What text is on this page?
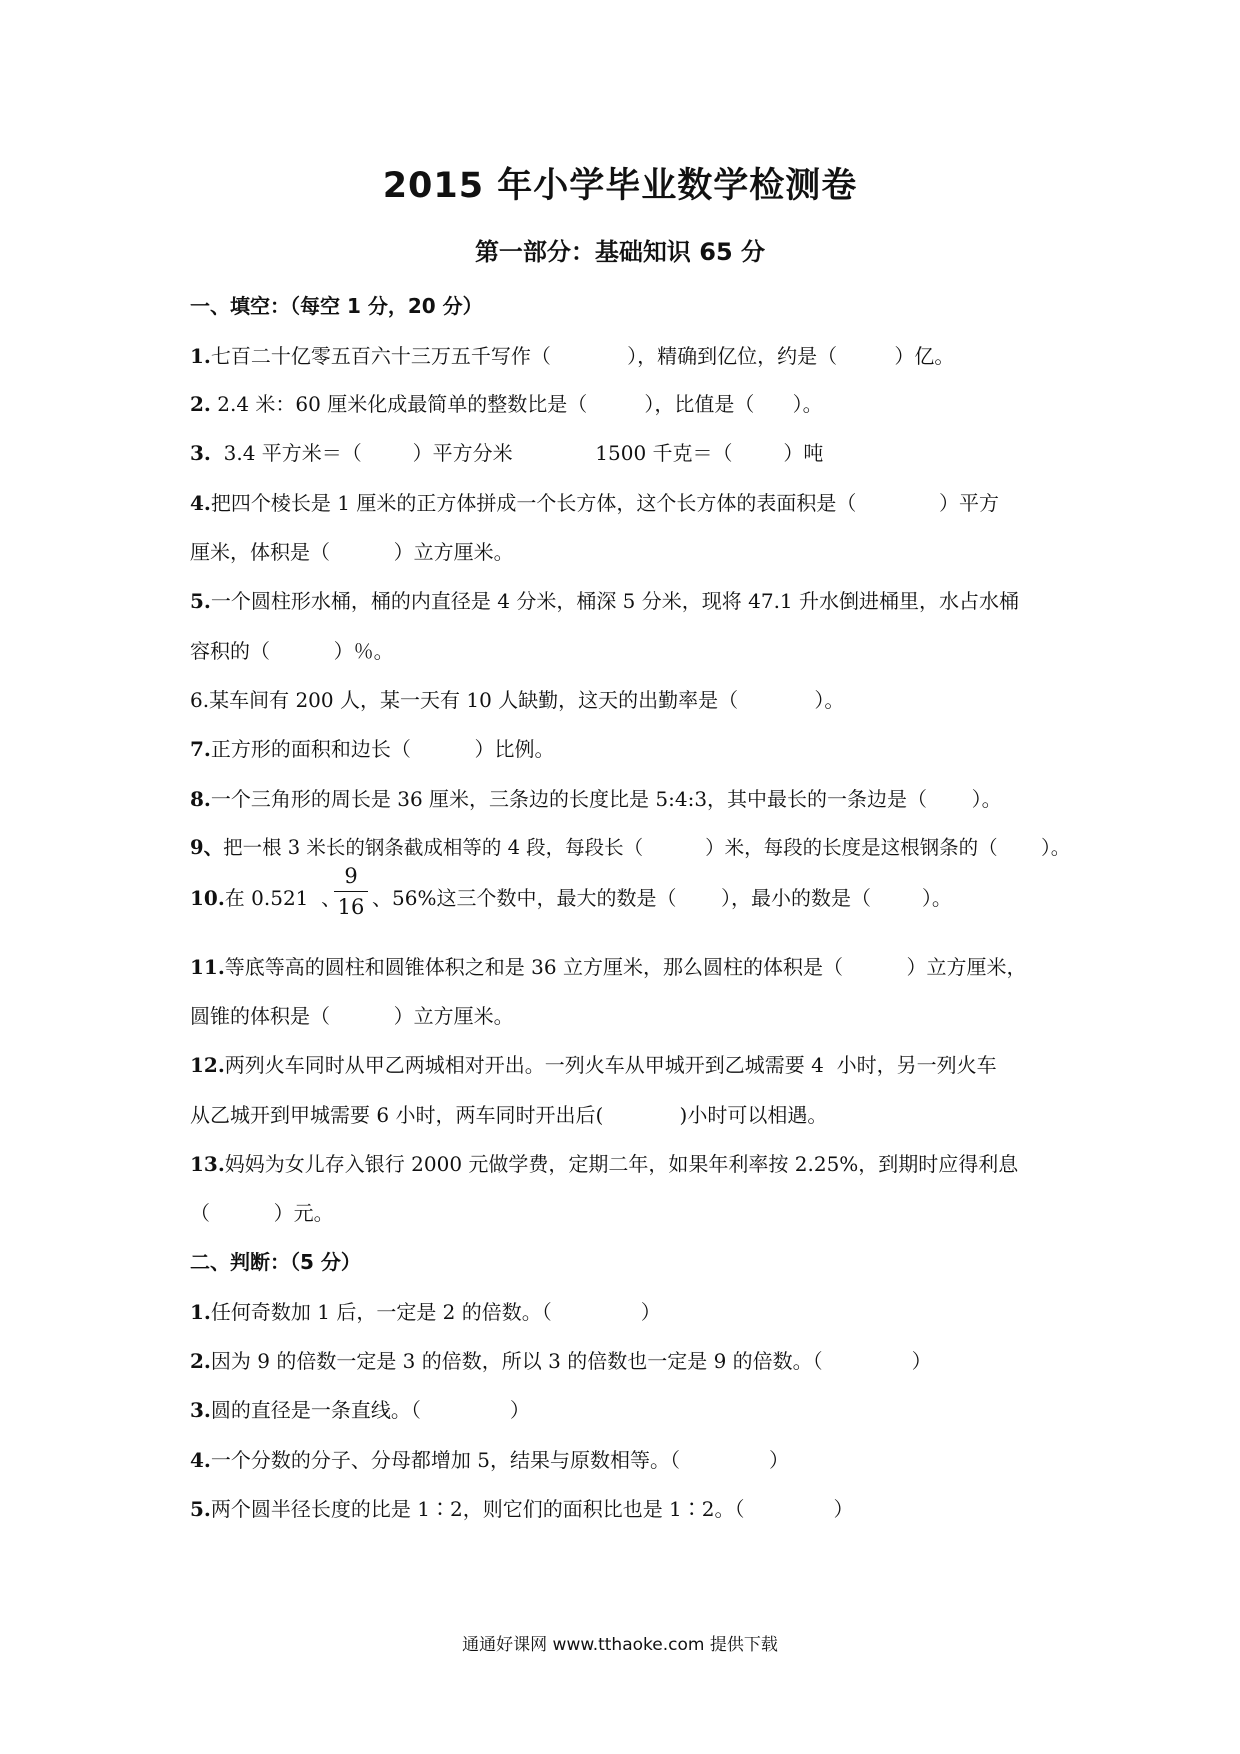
2015 年小学毕业数学检测卷
第一部分：基础知识 65 分
一、填空：（每空 1 分，20 分）
1.七百二十亿零五百六十三万五千写作（            ），精确到亿位，约是（         ）亿。
2. 2.4 米：60 厘米化成最简单的整数比是（         ），比值是（      ）。
3. 3.4 平方米＝（        ）平方分米             1500 千克＝（        ）吨
4.把四个棱长是 1 厘米的正方体拼成一个长方体，这个长方体的表面积是（             ）平方
厘米，体积是（          ）立方厘米。
5.一个圆柱形水桶，桶的内直径是 4 分米，桶深 5 分米，现将 47.1 升水倒进桶里，水占水桶
容积的（          ）％。
6.某车间有 200 人，某一天有 10 人缺勤，这天的出勤率是（            ）。
7.正方形的面积和边长（          ）比例。
8.一个三角形的周长是 36 厘米，三条边的长度比是 5:4:3，其中最长的一条边是（       ）。
9、把一根 3 米长的钢条截成相等的 4 段，每段长（          ）米，每段的长度是这根钢条的（       ）。
10.在 0.521  、
9
16 、56%这三个数中，最大的数是（       ），最小的数是（        ）。
11.等底等高的圆柱和圆锥体积之和是 36 立方厘米，那么圆柱的体积是（          ）立方厘米，
圆锥的体积是（          ）立方厘米。
12.两列火车同时从甲乙两城相对开出。一列火车从甲城开到乙城需要 4  小时，另一列火车
从乙城开到甲城需要 6 小时，两车同时开出后(            )小时可以相遇。
13.妈妈为女儿存入银行 2000 元做学费，定期二年，如果年利率按 2.25%，到期时应得利息
（          ）元。
二、判断：（5 分）
1.任何奇数加 1 后，一定是 2 的倍数。（              ）
2.因为 9 的倍数一定是 3 的倍数，所以 3 的倍数也一定是 9 的倍数。（              ）
3.圆的直径是一条直线。（              ）
4.一个分数的分子、分母都增加 5，结果与原数相等。（              ）
5.两个圆半径长度的比是 1∶2，则它们的面积比也是 1∶2。（              ）
通通好课网 www.tthaoke.com 提供下载
